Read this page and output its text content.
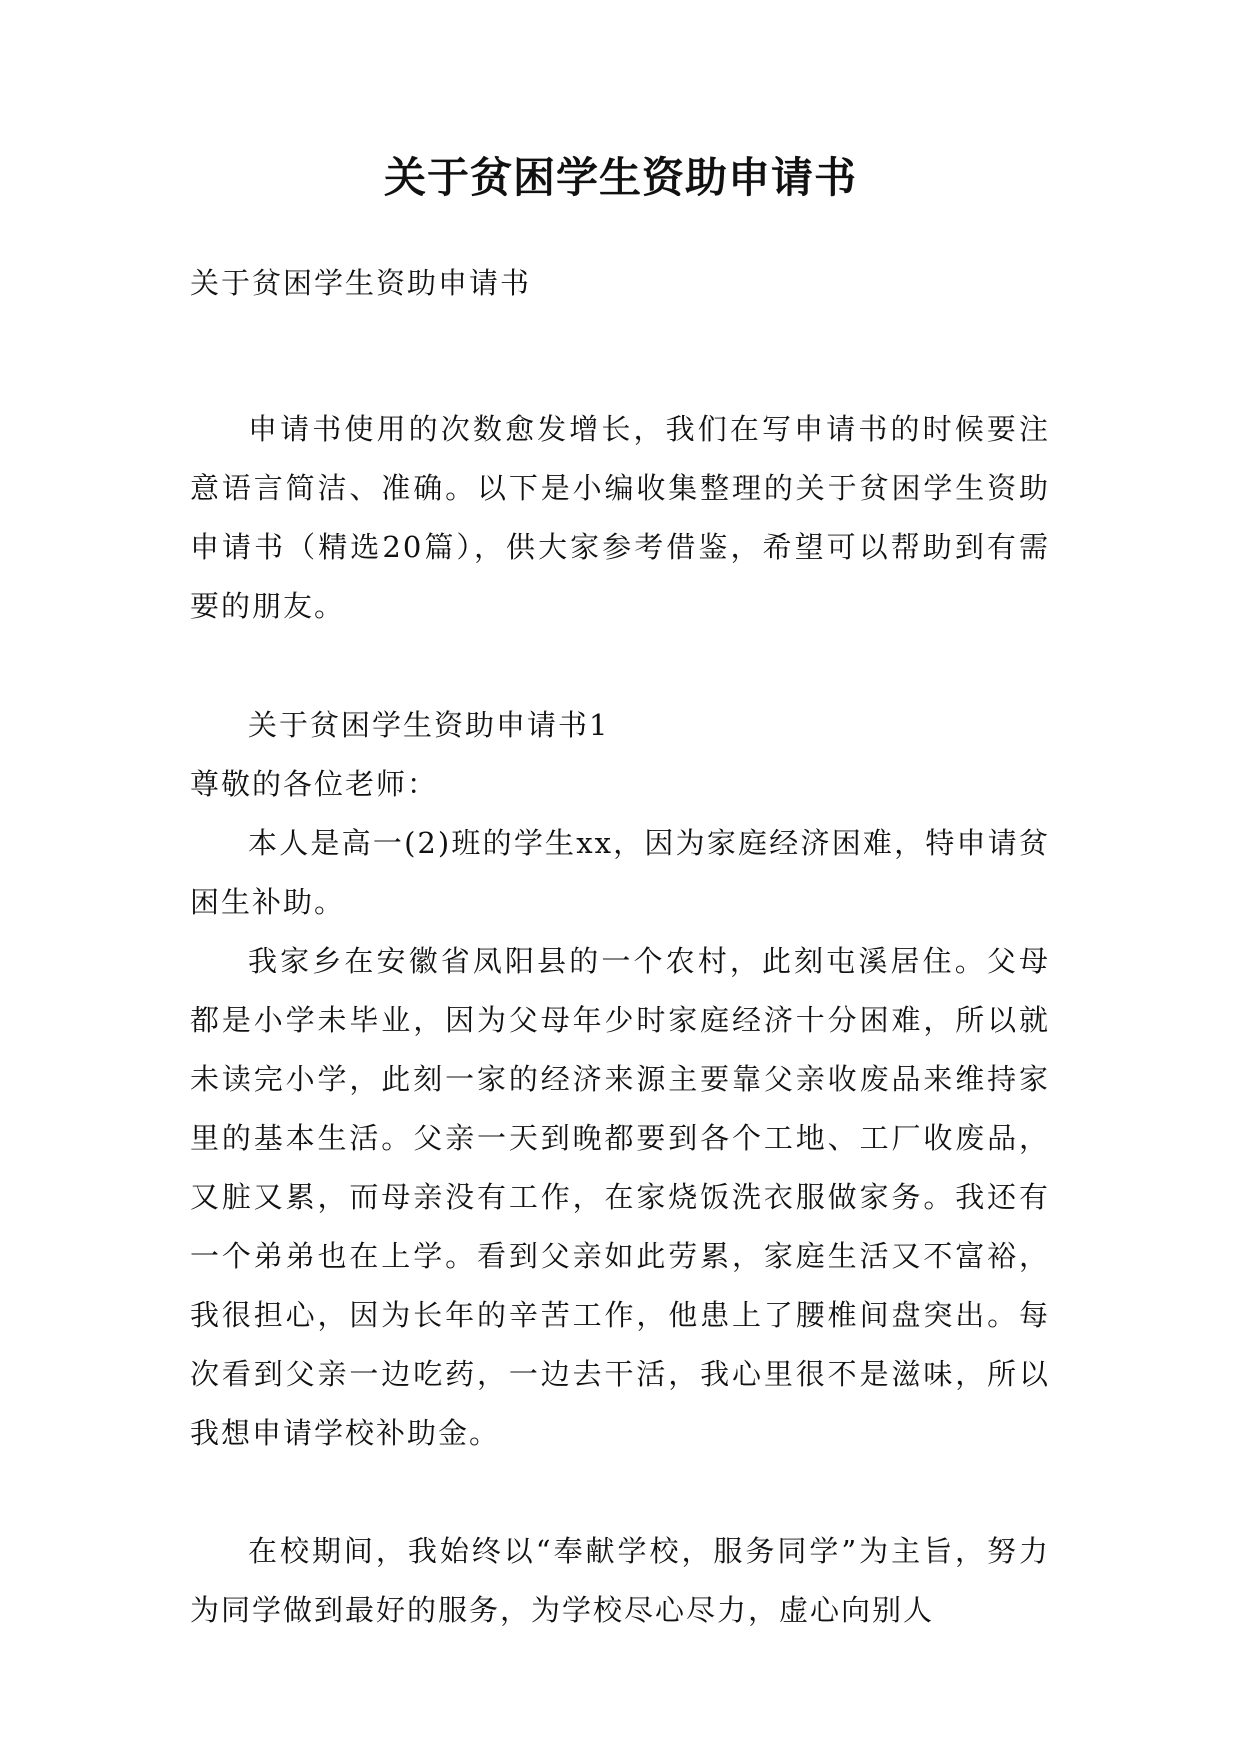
关于贫困学生资助申请书

关于贫困学生资助申请书

申请书使用的次数愈发增长，我们在写申请书的时候要注意语言简洁、准确。以下是小编收集整理的关于贫困学生资助申请书（精选20篇），供大家参考借鉴，希望可以帮助到有需要的朋友。

关于贫困学生资助申请书1

尊敬的各位老师：

本人是高一(2)班的学生xx，因为家庭经济困难，特申请贫困生补助。

我家乡在安徽省凤阳县的一个农村，此刻屯溪居住。父母都是小学未毕业，因为父母年少时家庭经济十分困难，所以就未读完小学，此刻一家的经济来源主要靠父亲收废品来维持家里的基本生活。父亲一天到晚都要到各个工地、工厂收废品，又脏又累，而母亲没有工作，在家烧饭洗衣服做家务。我还有一个弟弟也在上学。看到父亲如此劳累，家庭生活又不富裕，我很担心，因为长年的辛苦工作，他患上了腰椎间盘突出。每次看到父亲一边吃药，一边去干活，我心里很不是滋味，所以我想申请学校补助金。

在校期间，我始终以“奉献学校，服务同学”为主旨，努力为同学做到最好的服务，为学校尽心尽力，虚心向别人
